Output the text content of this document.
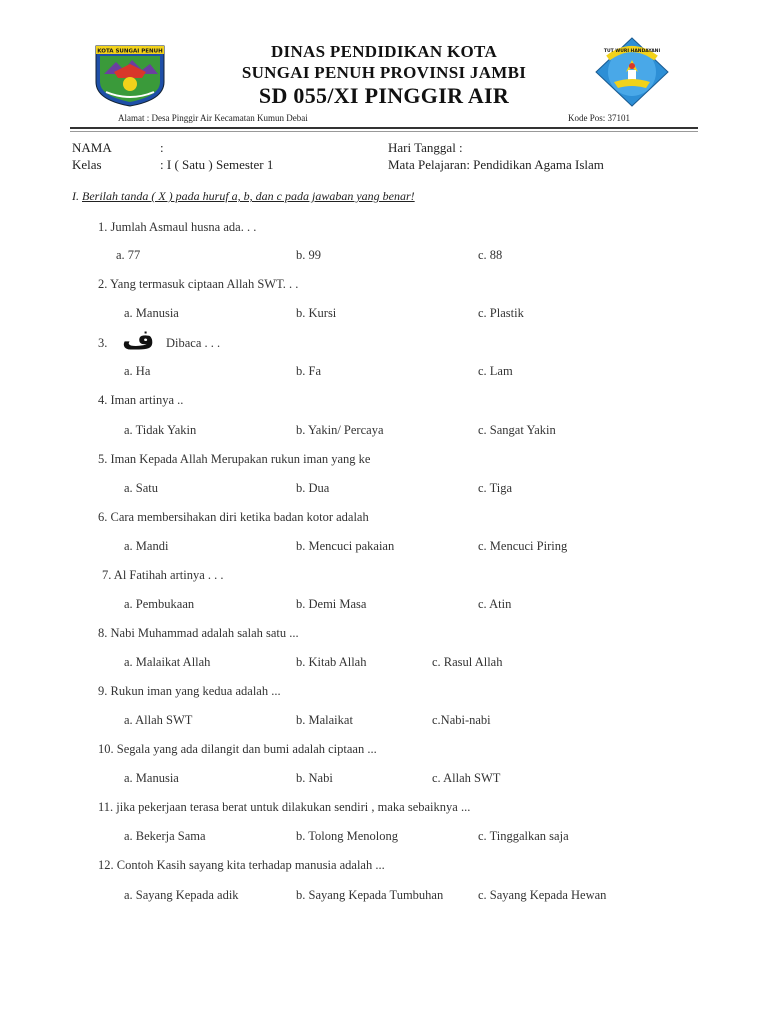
KOTA SUNGAI PENUH	TUT WURI HANDAYANI
DINAS PENDIDIKAN KOTA
SUNGAI PENUH PROVINSI JAMBI
SD 055/XI PINGGIR AIR
Alamat : Desa Pinggir Air Kecamatan Kumun Debai	Kode Pos: 37101
NAMA	:
Kelas	: I ( Satu ) Semester 1
Hari Tanggal :
Mata Pelajaran: Pendidikan Agama Islam
I. Berilah tanda ( X ) pada huruf a, b, dan c pada jawaban yang benar!
1. Jumlah Asmaul husna ada. . .
a. 77	b. 99	c. 88
2. Yang termasuk ciptaan Allah SWT. . .
a. Manusia	b. Kursi	c. Plastik
3. ف Dibaca . . .
a. Ha	b. Fa	c. Lam
4. Iman artinya ..
a. Tidak Yakin	b. Yakin/ Percaya	c. Sangat Yakin
5. Iman Kepada Allah Merupakan rukun iman yang ke
a. Satu	b. Dua	c. Tiga
6. Cara membersihakan diri ketika badan kotor adalah
a. Mandi	b. Mencuci pakaian	c. Mencuci Piring
7. Al Fatihah artinya . . .
a. Pembukaan	b. Demi Masa	c. Atin
8. Nabi Muhammad adalah salah satu ...
a. Malaikat Allah	b. Kitab Allah	c. Rasul Allah
9. Rukun iman yang kedua adalah ...
a. Allah SWT	b. Malaikat	c.Nabi-nabi
10. Segala yang ada dilangit dan bumi adalah ciptaan ...
a. Manusia	b. Nabi	c. Allah SWT
11. jika pekerjaan terasa berat untuk dilakukan sendiri , maka sebaiknya ...
a. Bekerja Sama	b. Tolong Menolong	c. Tinggalkan saja
12. Contoh Kasih sayang kita terhadap manusia adalah ...
a. Sayang Kepada adik	b. Sayang Kepada Tumbuhan	c. Sayang Kepada Hewan
